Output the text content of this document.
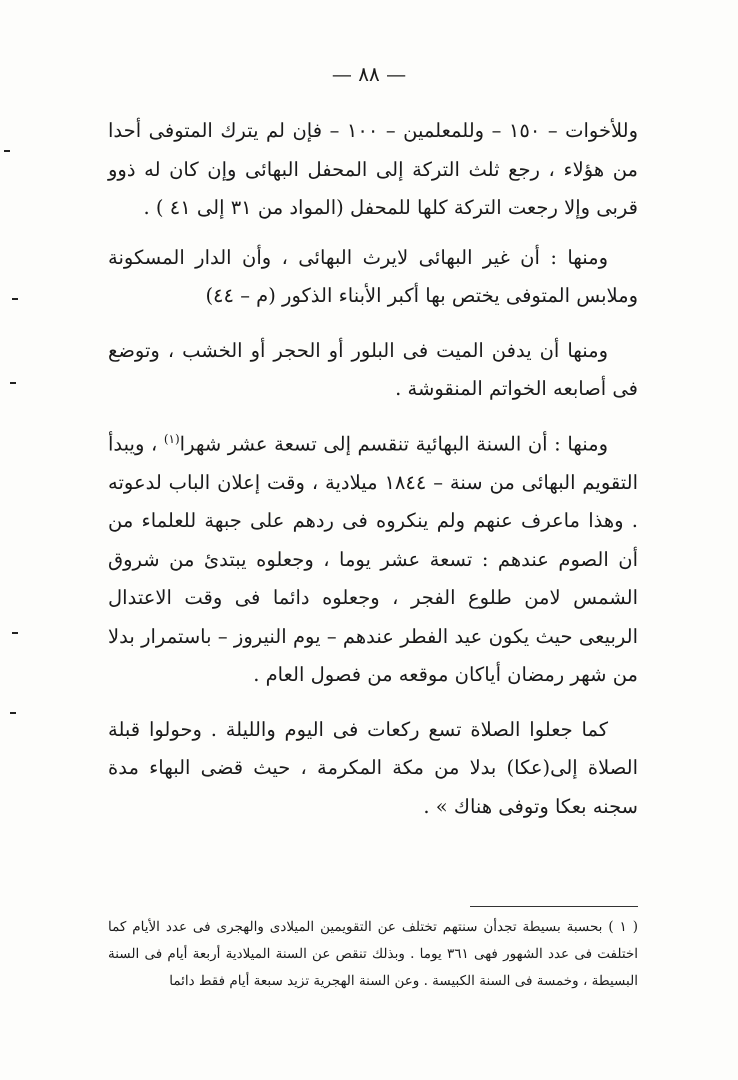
— ٨٨ —

وللأخوات – ١٥٠ – وللمعلمين – ١٠٠ – فإن لم يترك المتوفى أحدا من هؤلاء ، رجع ثلث التركة إلى المحفل البهائى وإن كان له ذوو قربى وإلا رجعت التركة كلها للمحفل (المواد من ٣١ إلى ٤١ ) .

ومنها : أن غير البهائى لايرث البهائى ، وأن الدار المسكونة وملابس المتوفى يختص بها أكبر الأبناء الذكور (م – ٤٤)

ومنها أن يدفن الميت فى البلور أو الحجر أو الخشب ، وتوضع فى أصابعه الخواتم المنقوشة .

ومنها : أن السنة البهائية تنقسم إلى تسعة عشر شهرا$^{(١)}$ ، ويبدأ التقويم البهائى من سنة – ١٨٤٤ ميلادية ، وقت إعلان الباب لدعوته . وهذا ماعرف عنهم ولم ينكروه فى ردهم على جبهة للعلماء من أن الصوم عندهم : تسعة عشر يوما ، وجعلوه يبتدئ من شروق الشمس لامن طلوع الفجر ، وجعلوه دائما فى وقت الاعتدال الربيعى حيث يكون عيد الفطر عندهم – يوم النيروز – باستمرار بدلا من شهر رمضان أياكان موقعه من فصول العام .

كما جعلوا الصلاة تسع ركعات فى اليوم والليلة . وحولوا قبلة الصلاة إلى(عكا) بدلا من مكة المكرمة ، حيث قضى البهاء مدة سجنه بعكا وتوفى هناك » .

( ١ ) بحسبة بسيطة تجدأن سنتهم تختلف عن التقويمين الميلادى والهجرى فى عدد الأيام كما اختلفت فى عدد الشهور فهى ٣٦١ يوما . وبذلك تنقص عن السنة الميلادية أربعة أيام فى السنة البسيطة ، وخمسة فى السنة الكبيسة . وعن السنة الهجرية تزيد سبعة أيام فقط دائما
